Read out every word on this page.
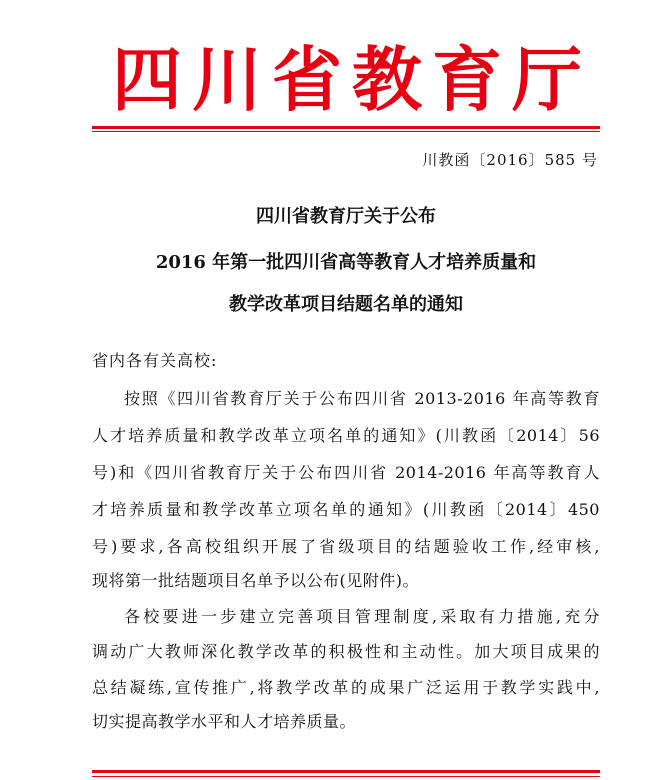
四 川 省 教 育 厅
川教函〔2016〕585 号
四川省教育厅关于公布
2016 年第一批四川省高等教育人才培养质量和
教学改革项目结题名单的通知
省内各有关高校:
按照《四川省教育厅关于公布四川省 2013-2016 年高等教育
人才培养质量和教学改革立项名单的通知》(川教函〔2014〕56
号)和《四川省教育厅关于公布四川省 2014-2016 年高等教育人
才培养质量和教学改革立项名单的通知》(川教函〔2014〕450
号)要求,各高校组织开展了省级项目的结题验收工作,经审核,
现将第一批结题项目名单予以公布(见附件)。
各校要进一步建立完善项目管理制度,采取有力措施,充分
调动广大教师深化教学改革的积极性和主动性。加大项目成果的
总结凝练,宣传推广,将教学改革的成果广泛运用于教学实践中,
切实提高教学水平和人才培养质量。
